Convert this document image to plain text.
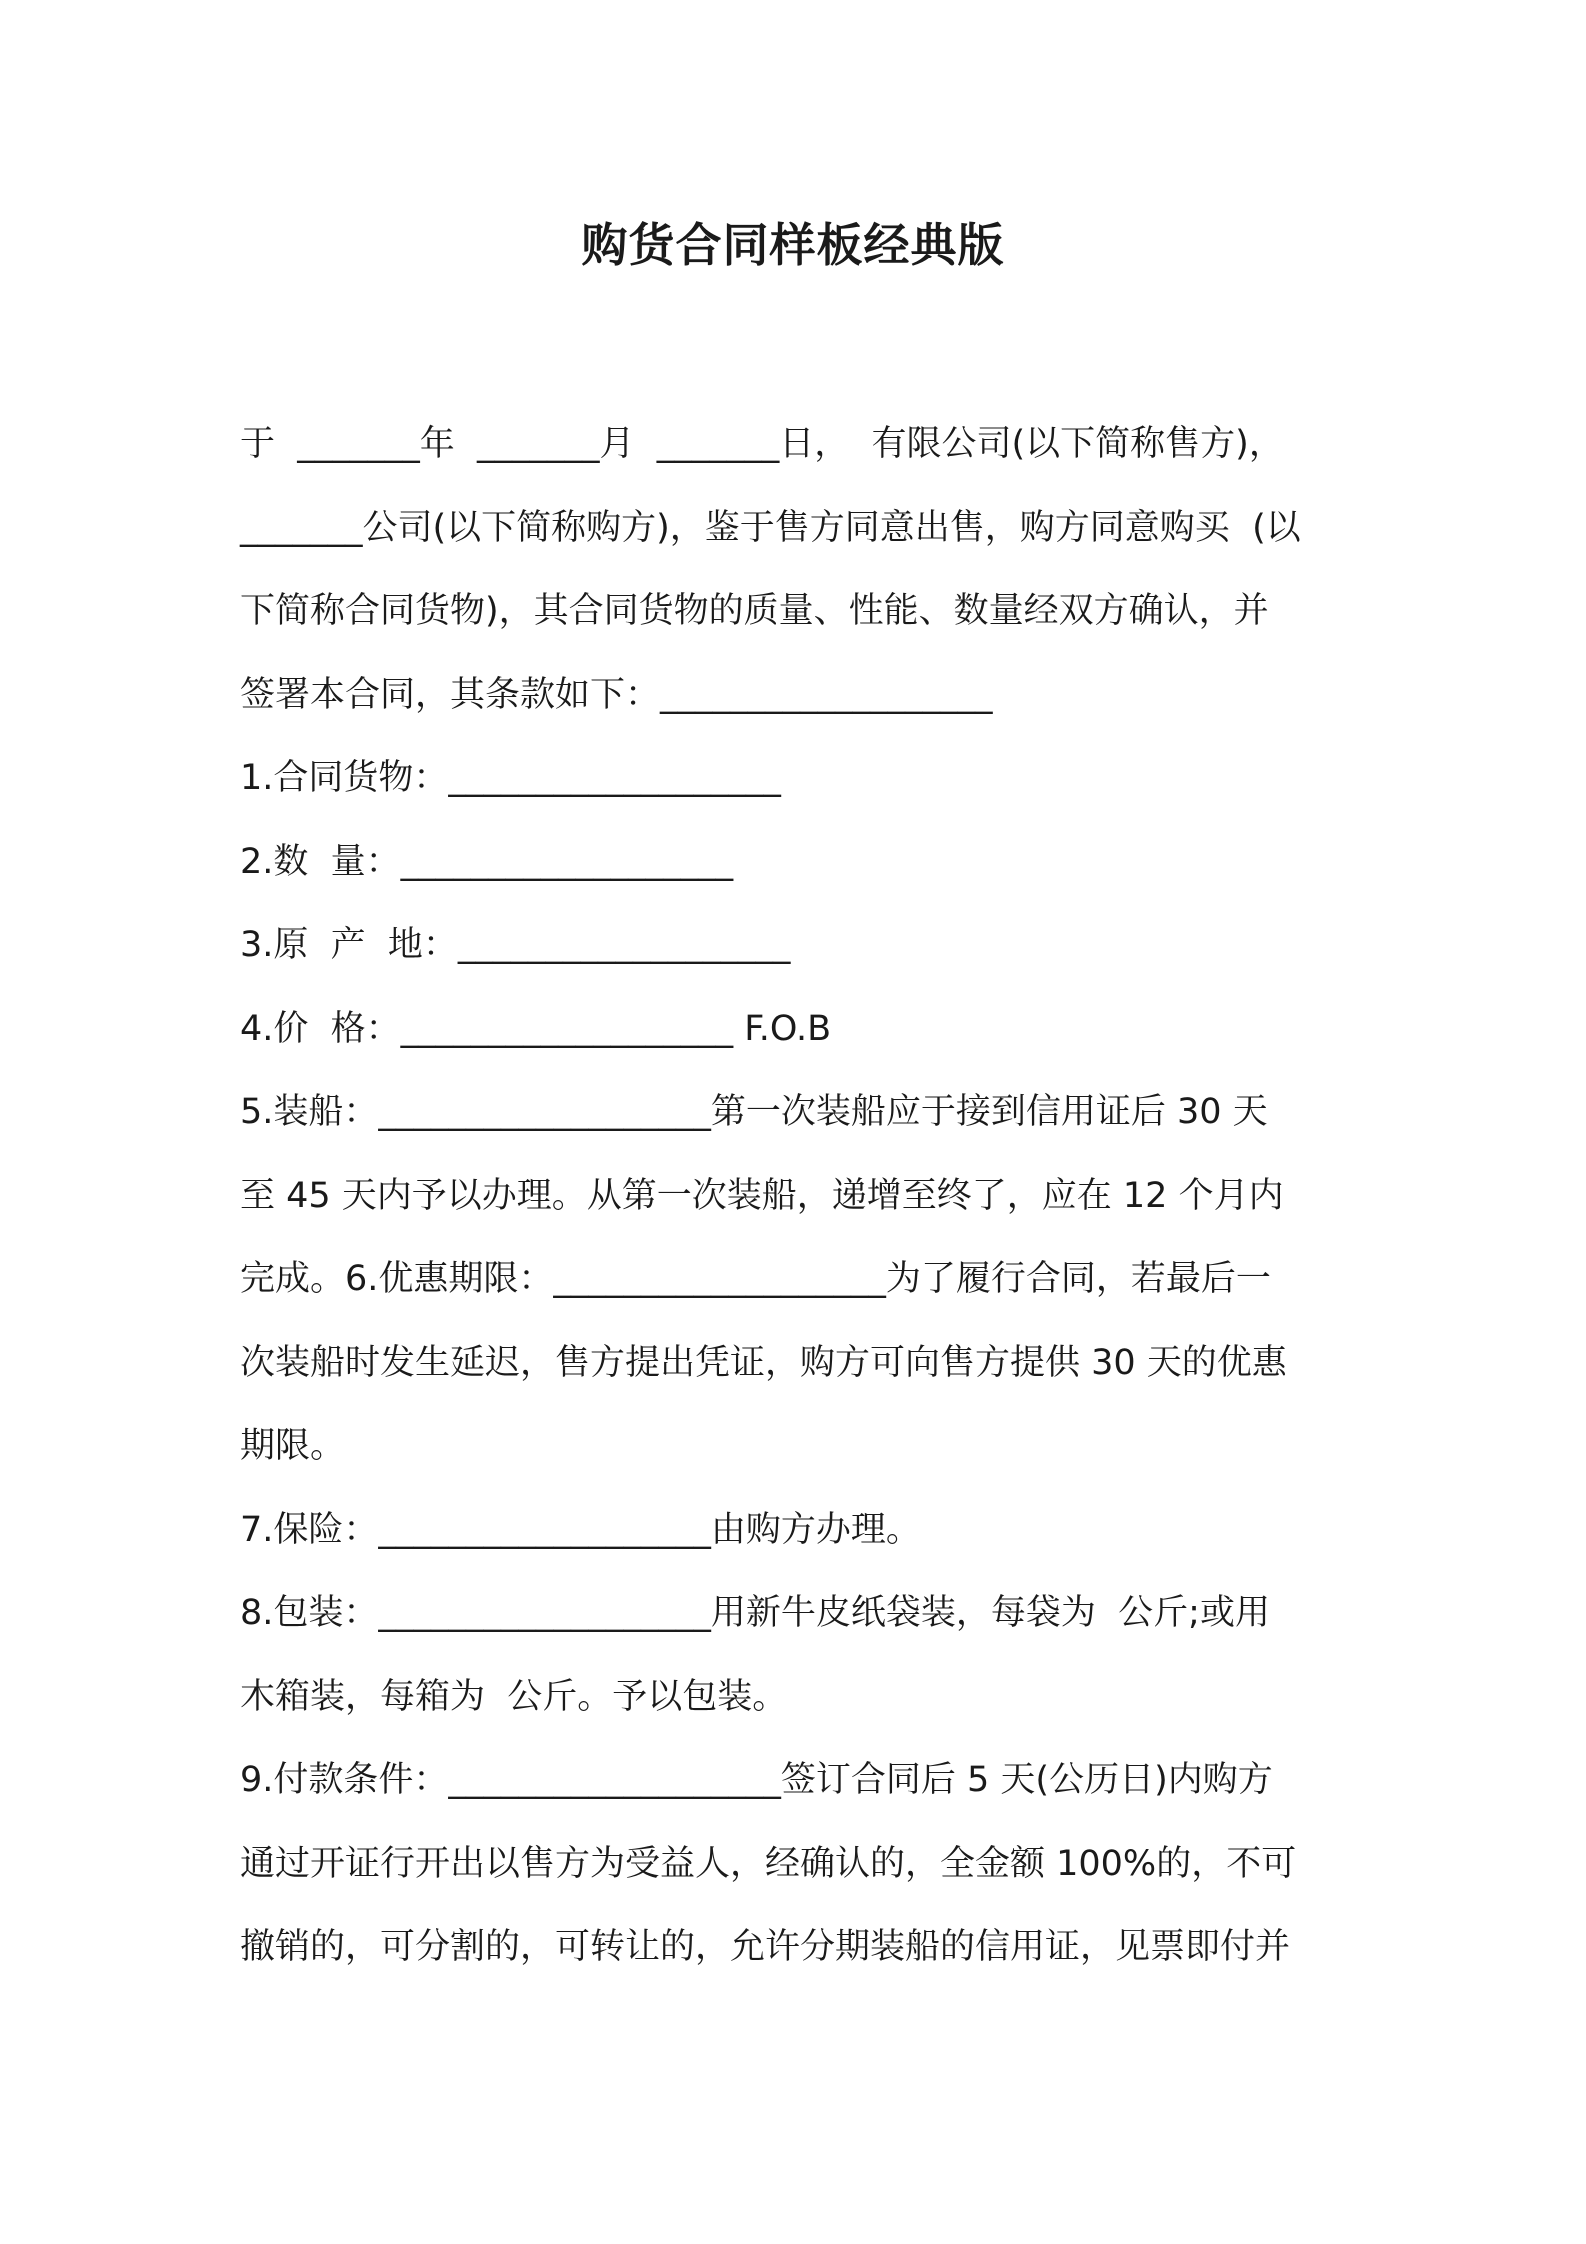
购货合同样板经典版
于  _______年  _______月  _______日，  有限公司(以下简称售方)，
_______公司(以下简称购方)，鉴于售方同意出售，购方同意购买  (以
下简称合同货物)，其合同货物的质量、性能、数量经双方确认，并
签署本合同，其条款如下：___________________
1.合同货物：___________________
2.数  量：___________________
3.原  产  地：___________________
4.价  格：___________________ F.O.B
5.装船：___________________第一次装船应于接到信用证后 30 天
至 45 天内予以办理。从第一次装船，递增至终了，应在 12 个月内
完成。6.优惠期限：___________________为了履行合同，若最后一
次装船时发生延迟，售方提出凭证，购方可向售方提供 30 天的优惠
期限。
7.保险：___________________由购方办理。
8.包装：___________________用新牛皮纸袋装，每袋为  公斤;或用
木箱装，每箱为  公斤。予以包装。
9.付款条件：___________________签订合同后 5 天(公历日)内购方
通过开证行开出以售方为受益人，经确认的，全金额 100%的，不可
撤销的，可分割的，可转让的，允许分期装船的信用证，见票即付并
